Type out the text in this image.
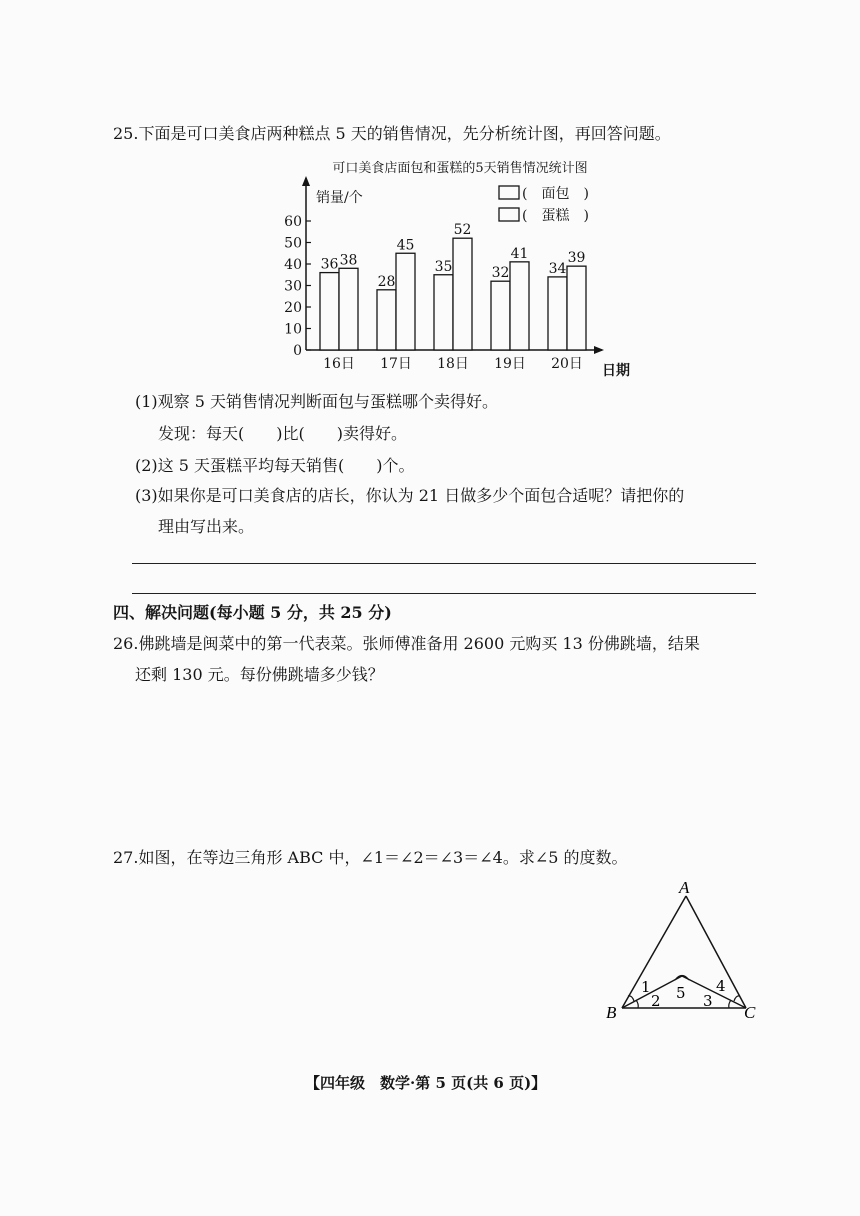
25.下面是可口美食店两种糕点 5 天的销售情况，先分析统计图，再回答问题。
可口美食店面包和蛋糕的5天销售情况统计图
销量/个
日期
(　面包　)
(　蛋糕　)
0
10
20
30
40
50
60
36 38
16日
28
45
17日
35
52
18日
32
41
19日
34
39
20日
(1)观察 5 天销售情况判断面包与蛋糕哪个卖得好。
发现：每天(　　)比(　　)卖得好。
(2)这 5 天蛋糕平均每天销售(　　)个。
(3)如果你是可口美食店的店长，你认为 21 日做多少个面包合适呢？请把你的
理由写出来。
四、解决问题(每小题 5 分，共 25 分)
26.佛跳墙是闽菜中的第一代表菜。张师傅准备用 2600 元购买 13 份佛跳墙，结果
还剩 130 元。每份佛跳墙多少钱？
27.如图，在等边三角形 ABC 中，∠1＝∠2＝∠3＝∠4。求∠5 的度数。
A
B	C
1
2 5 3
4
【四年级　数学·第 5 页(共 6 页)】
